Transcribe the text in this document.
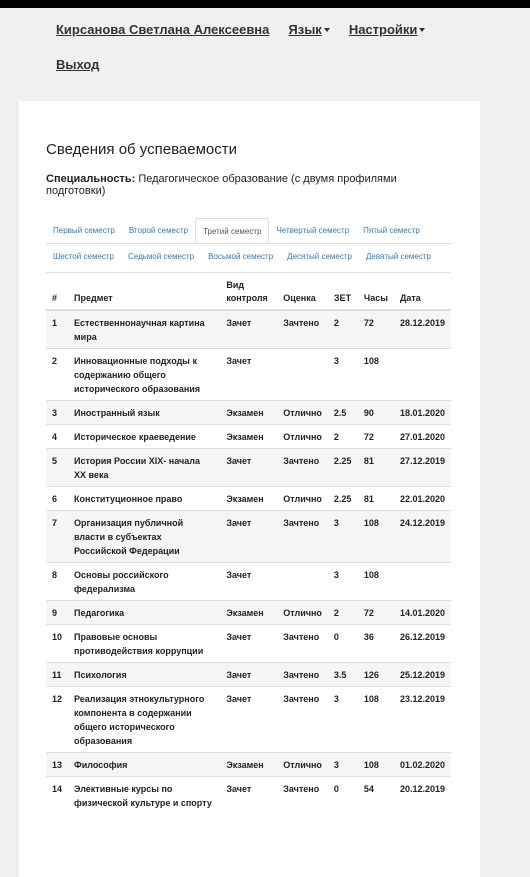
Кирсанова Светлана Алексеевна Язык	Настройки
Выход
Сведения об успеваемости
Специальность: Педагогическое образование (с двумя профилями подготовки)
Первый семестр	Второй семестр	Третий семестр	Четвертый семестр	Пятый семестр
Шестой семестр	Седьмой семестр	Восьмой семестр	Десятый семестр	Девятый семестр
#	Предмет	Вид контроля	Оценка	ЗЕТ	Часы	Дата
1	Естественнонаучная картина мира	Зачет	Зачтено	2	72	28.12.2019
2	Инновационные подходы к содержанию общего исторического образования	Зачет		3	108	
3	Иностранный язык	Экзамен	Отлично	2.5	90	18.01.2020
4	Историческое краеведение	Экзамен	Отлично	2	72	27.01.2020
5	История России XIX- начала XX века	Зачет	Зачтено	2.25	81	27.12.2019
6	Конституционное право	Экзамен	Отлично	2.25	81	22.01.2020
7	Организация публичной власти в субъектах Российской Федерации	Зачет	Зачтено	3	108	24.12.2019
8	Основы российского федерализма	Зачет		3	108	
9	Педагогика	Экзамен	Отлично	2	72	14.01.2020
10	Правовые основы противодействия коррупции	Зачет	Зачтено	0	36	26.12.2019
11	Психология	Зачет	Зачтено	3.5	126	25.12.2019
12	Реализация этнокультурного компонента в содержании общего исторического образования	Зачет	Зачтено	3	108	23.12.2019
13	Философия	Экзамен	Отлично	3	108	01.02.2020
14	Элективные курсы по физической культуре и спорту	Зачет	Зачтено	0	54	20.12.2019
